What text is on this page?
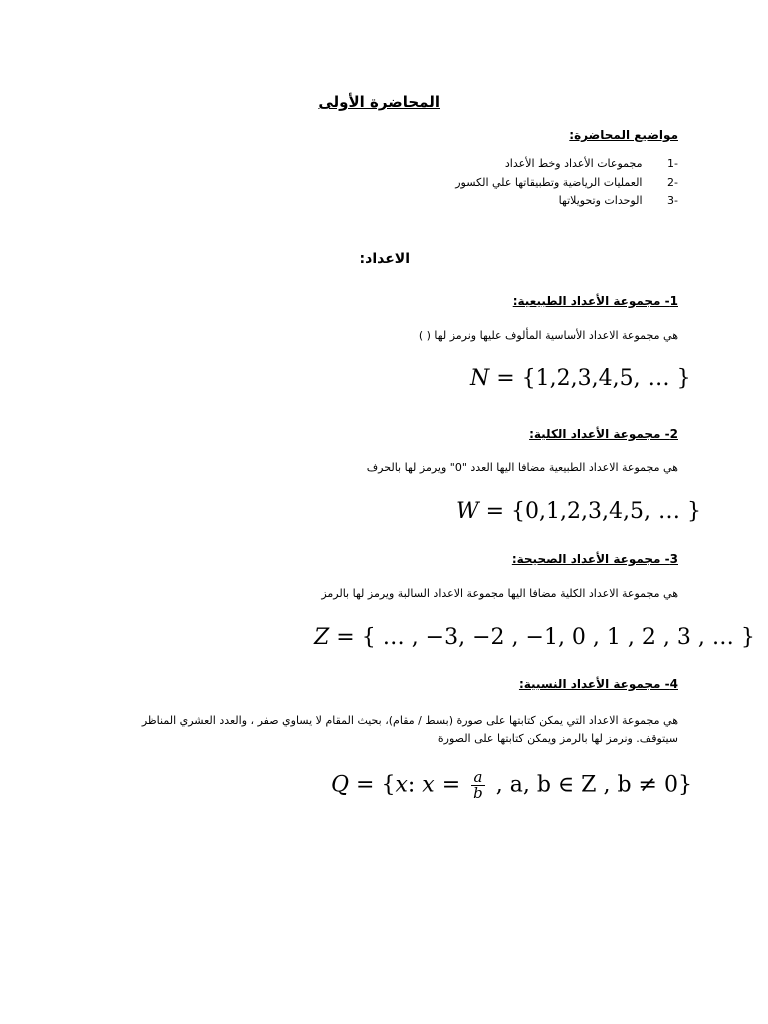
المحاضرة الأولى
مواضيع المحاضرة:
-1 مجموعات الأعداد وخط الأعداد
-2 العمليات الرياضية وتطبيقاتها علي الكسور
-3 الوحدات وتحويلاتها
الاعداد:
1- مجموعة الأعداد الطبيعية:
هي مجموعة الاعداد الأساسية المألوف عليها ونرمز لها ( )
N = {1,2,3,4,5, … }
2- مجموعة الأعداد الكلية:
هي مجموعة الاعداد الطبيعية مضافا اليها العدد "0" ويرمز لها بالحرف
W = {0,1,2,3,4,5, … }
3- مجموعة الأعداد الصحيحة:
هي مجموعة الاعداد الكلية مضافا اليها مجموعة الاعداد السالبة ويرمز لها بالرمز
Z = { … , −3, −2 , −1, 0 , 1 , 2 , 3 , … }
4- مجموعة الأعداد النسبية:
هي مجموعة الاعداد التي يمكن كتابتها على صورة (بسط / مقام)، بحيث المقام لا يساوي صفر ، والعدد العشري المناظر
سيتوقف. ونرمز لها بالرمز ويمكن كتابتها على الصورة
Q = {x: $x = \frac{a}{b}$ , a, b ∈ Z , b ≠ 0}
